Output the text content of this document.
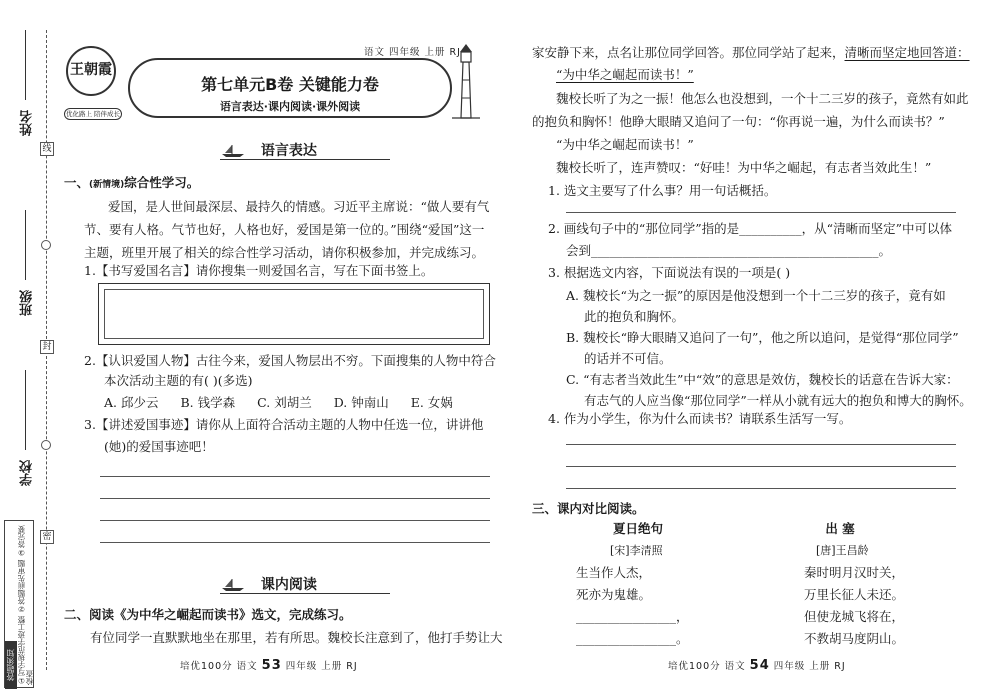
姓名
班级
学校
线
封
密
答题须知 ①写字规范字迹工整 ②答题前先审题 ③答完要检查
王朝霞
优化路上 陪伴成长
语文 四年级 上册 RJ
第七单元B卷 关键能力卷
语言表达·课内阅读·课外阅读
语言表达
一、(新情境)综合性学习。
爱国，是人世间最深层、最持久的情感。习近平主席说：“做人要有气
节、要有人格。气节也好，人格也好，爱国是第一位的。”围绕“爱国”这一
主题，班里开展了相关的综合性学习活动，请你积极参加，并完成练习。
1.【书写爱国名言】请你搜集一则爱国名言，写在下面书签上。
2.【认识爱国人物】古往今来，爱国人物层出不穷。下面搜集的人物中符合
本次活动主题的有( )(多选)
A. 邱少云 B. 钱学森 C. 刘胡兰 D. 钟南山 E. 女娲
3.【讲述爱国事迹】请你从上面符合活动主题的人物中任选一位，讲讲他
(她)的爱国事迹吧！
课内阅读
二、阅读《为中华之崛起而读书》选文，完成练习。
有位同学一直默默地坐在那里，若有所思。魏校长注意到了，他打手势让大
培优100分 语文 53 四年级 上册 RJ
家安静下来，点名让那位同学回答。那位同学站了起来，清晰而坚定地回答道：
“为中华之崛起而读书！”
魏校长听了为之一振！他怎么也没想到，一个十二三岁的孩子，竟然有如此
的抱负和胸怀！他睁大眼睛又追问了一句：“你再说一遍，为什么而读书？”
“为中华之崛起而读书！”
魏校长听了，连声赞叹：“好哇！为中华之崛起，有志者当效此生！”
1. 选文主要写了什么事？用一句话概括。
2. 画线句子中的“那位同学”指的是__________，从“清晰而坚定”中可以体
会到______________________________________________。
3. 根据选文内容，下面说法有误的一项是( )
A. 魏校长“为之一振”的原因是他没想到一个十二三岁的孩子，竟有如
此的抱负和胸怀。
B. 魏校长“睁大眼睛又追问了一句”，他之所以追问，是觉得“那位同学”
的话并不可信。
C. “有志者当效此生”中“效”的意思是效仿，魏校长的话意在告诉大家：
有志气的人应当像“那位同学”一样从小就有远大的抱负和博大的胸怀。
4. 作为小学生，你为什么而读书？请联系生活写一写。
三、课内对比阅读。
夏日绝句
[宋]李清照
生当作人杰，
死亦为鬼雄。
________________，
________________。
出 塞
[唐]王昌龄
秦时明月汉时关，
万里长征人未还。
但使龙城飞将在，
不教胡马度阴山。
培优100分 语文 54 四年级 上册 RJ
